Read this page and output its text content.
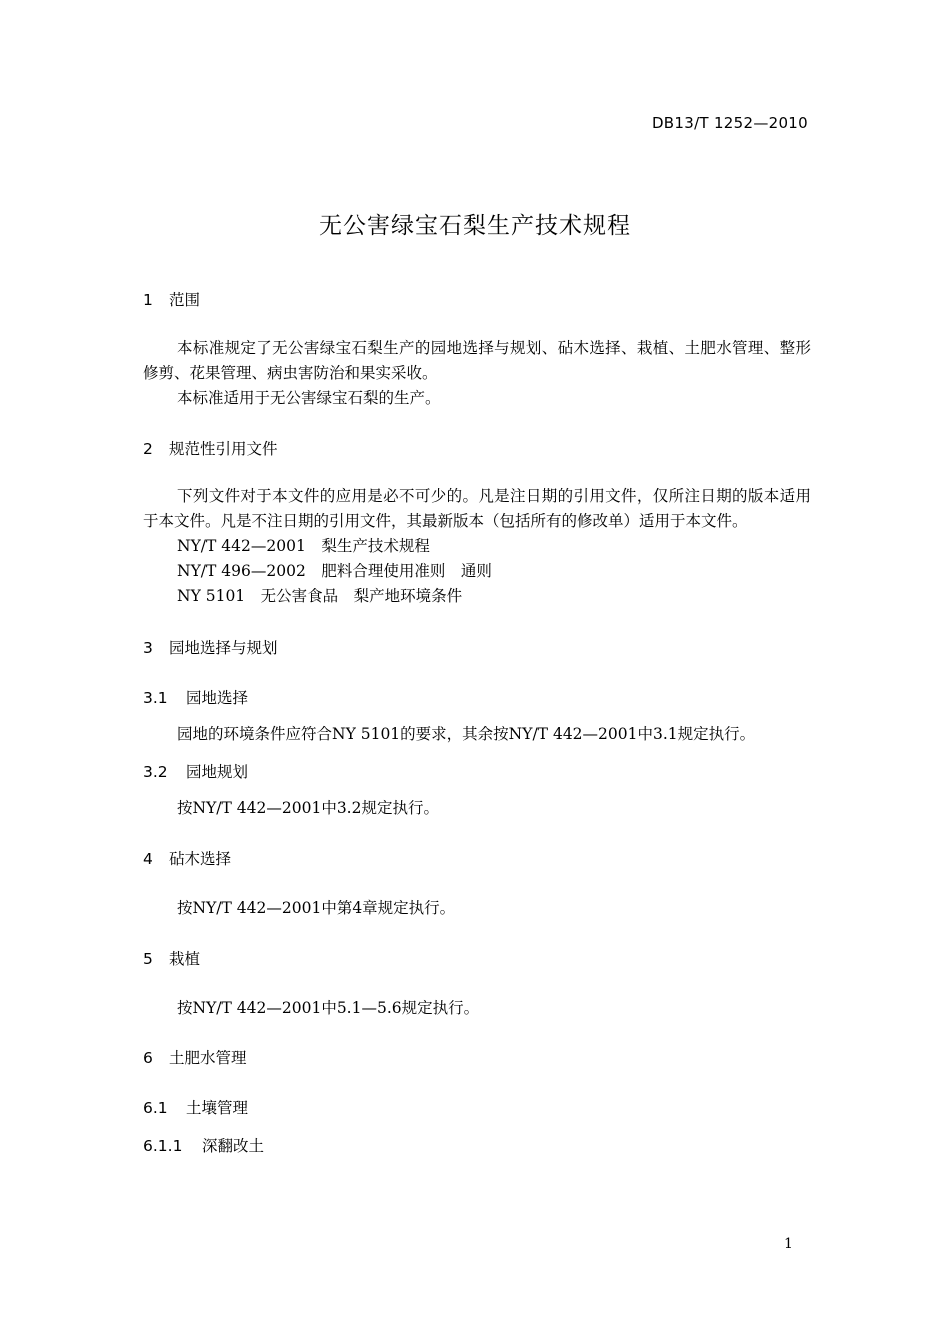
DB13/T 1252—2010
无公害绿宝石梨生产技术规程
1 范围
本标准规定了无公害绿宝石梨生产的园地选择与规划、砧木选择、栽植、土肥水管理、整形修剪、花果管理、病虫害防治和果实采收。
本标准适用于无公害绿宝石梨的生产。
2 规范性引用文件
下列文件对于本文件的应用是必不可少的。凡是注日期的引用文件，仅所注日期的版本适用于本文件。凡是不注日期的引用文件，其最新版本（包括所有的修改单）适用于本文件。
NY/T 442—2001　梨生产技术规程
NY/T 496—2002　肥料合理使用准则　通则
NY 5101　无公害食品　梨产地环境条件
3 园地选择与规划
3.1 园地选择
园地的环境条件应符合NY 5101的要求，其余按NY/T 442—2001中3.1规定执行。
3.2 园地规划
按NY/T 442—2001中3.2规定执行。
4 砧木选择
按NY/T 442—2001中第4章规定执行。
5 栽植
按NY/T 442—2001中5.1—5.6规定执行。
6 土肥水管理
6.1 土壤管理
6.1.1 深翻改土
1
